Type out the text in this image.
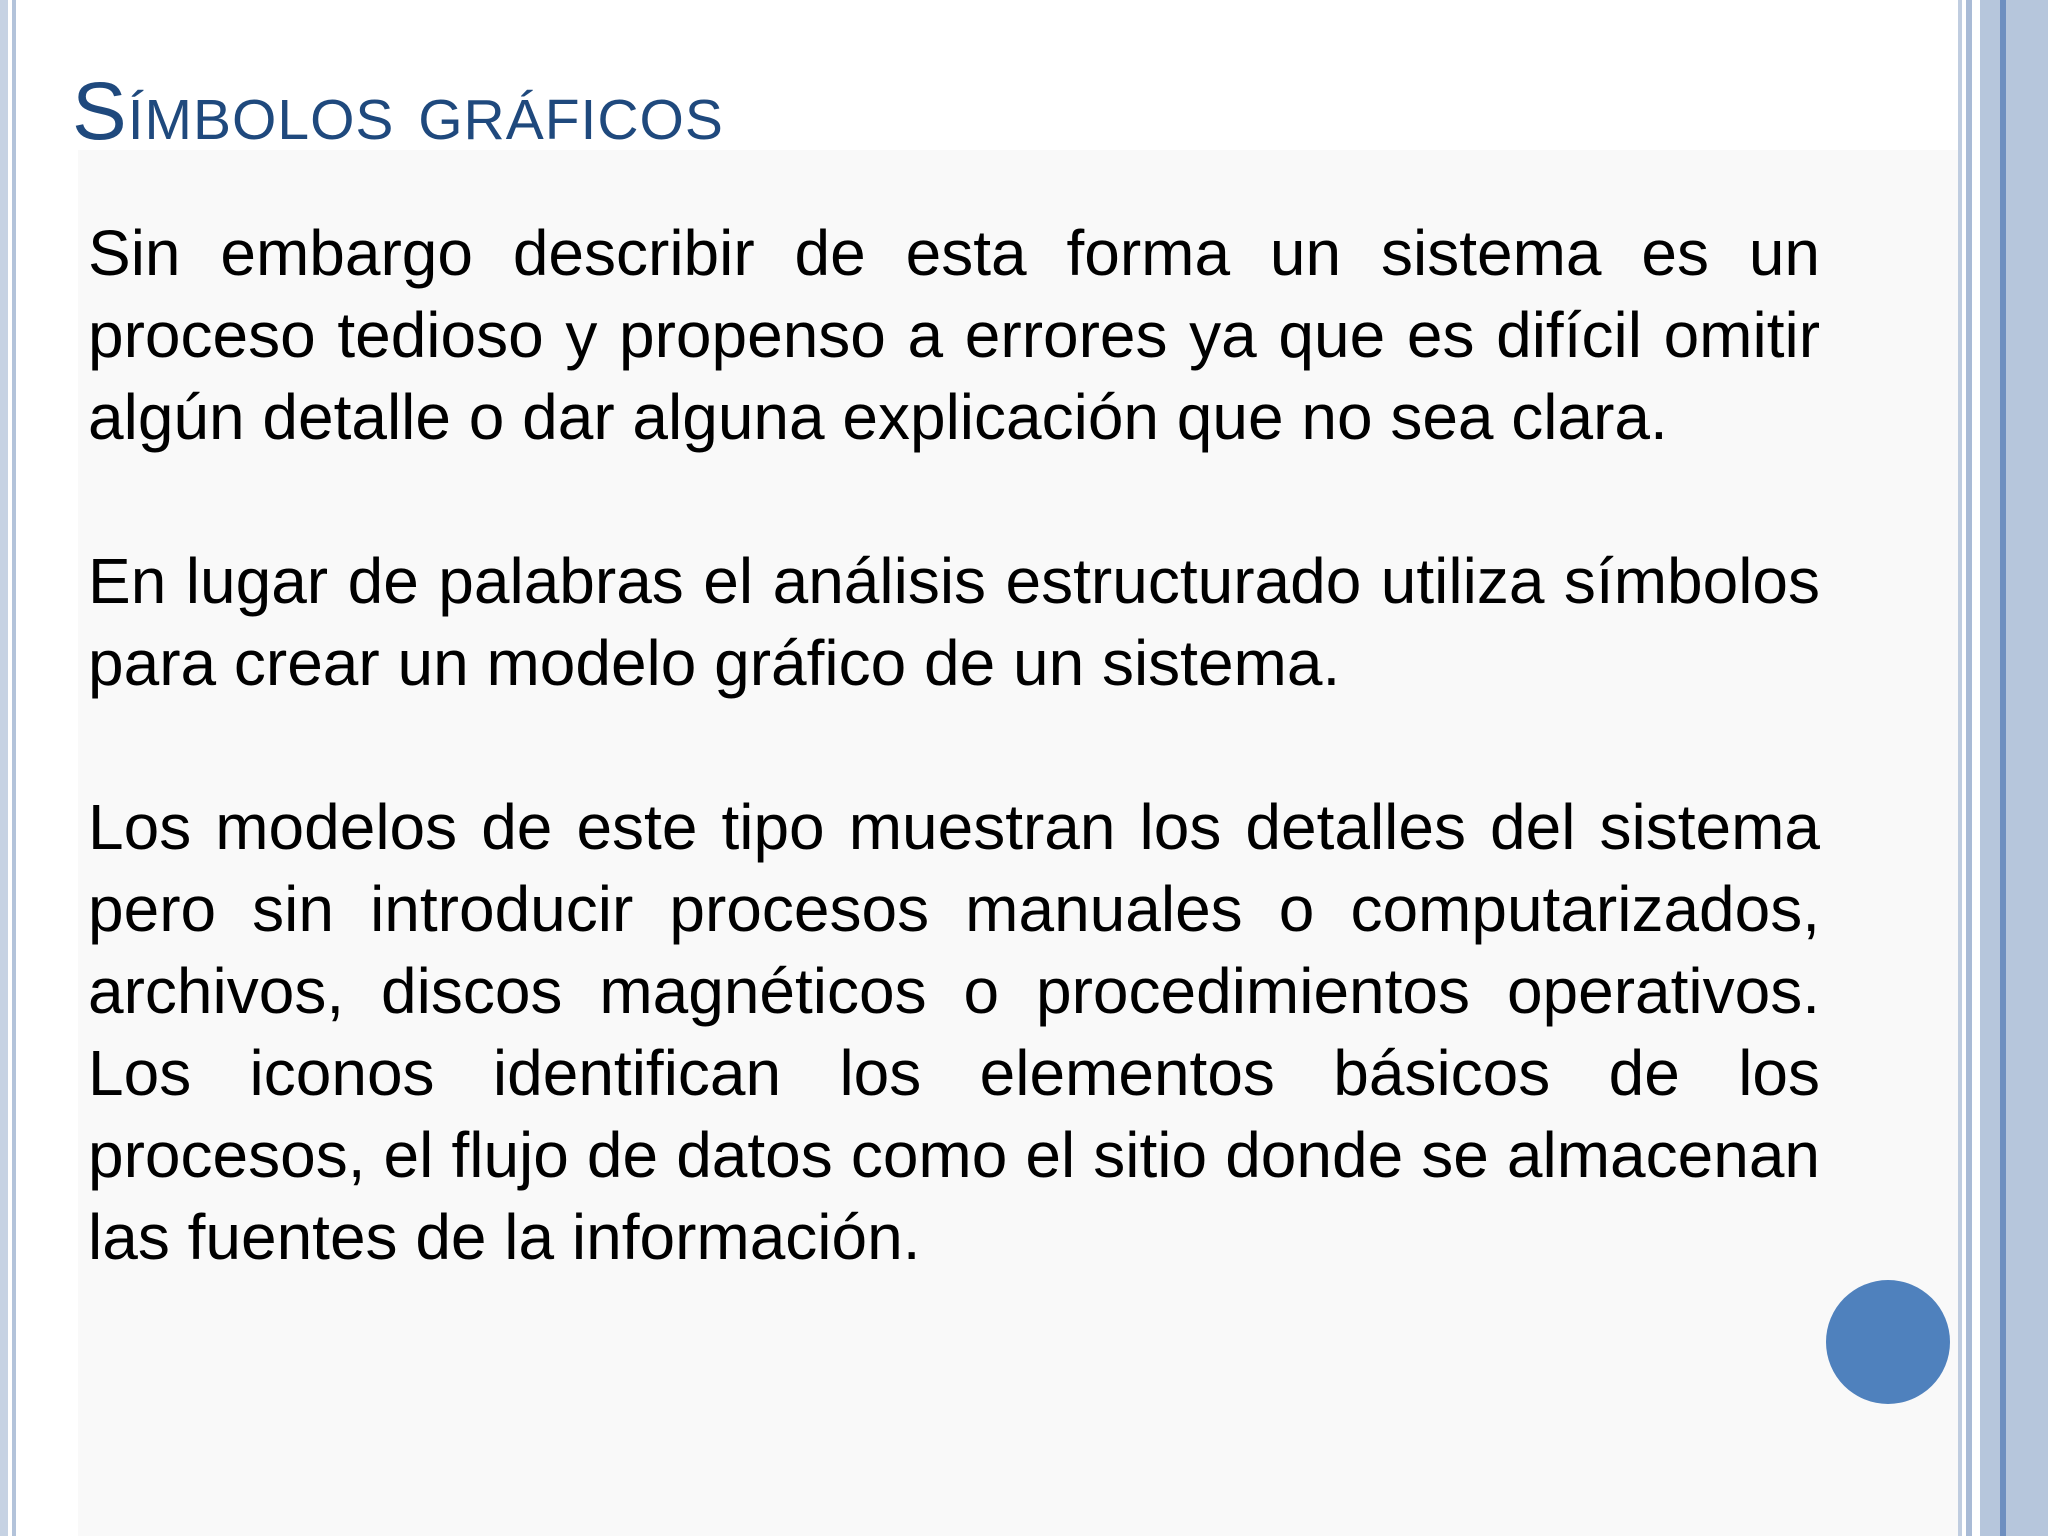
Símbolos gráficos

Sin embargo describir de esta forma un sistema es un proceso tedioso y propenso a errores ya que es difícil omitir algún detalle o dar alguna explicación que no sea clara.

En lugar de palabras el análisis estructurado utiliza símbolos para crear un modelo gráfico de un sistema.

Los modelos de este tipo muestran los detalles del sistema pero sin introducir procesos manuales o computarizados, archivos, discos magnéticos o procedimientos operativos. Los iconos identifican los elementos básicos de los procesos, el flujo de datos como el sitio donde se almacenan las fuentes de la información.
